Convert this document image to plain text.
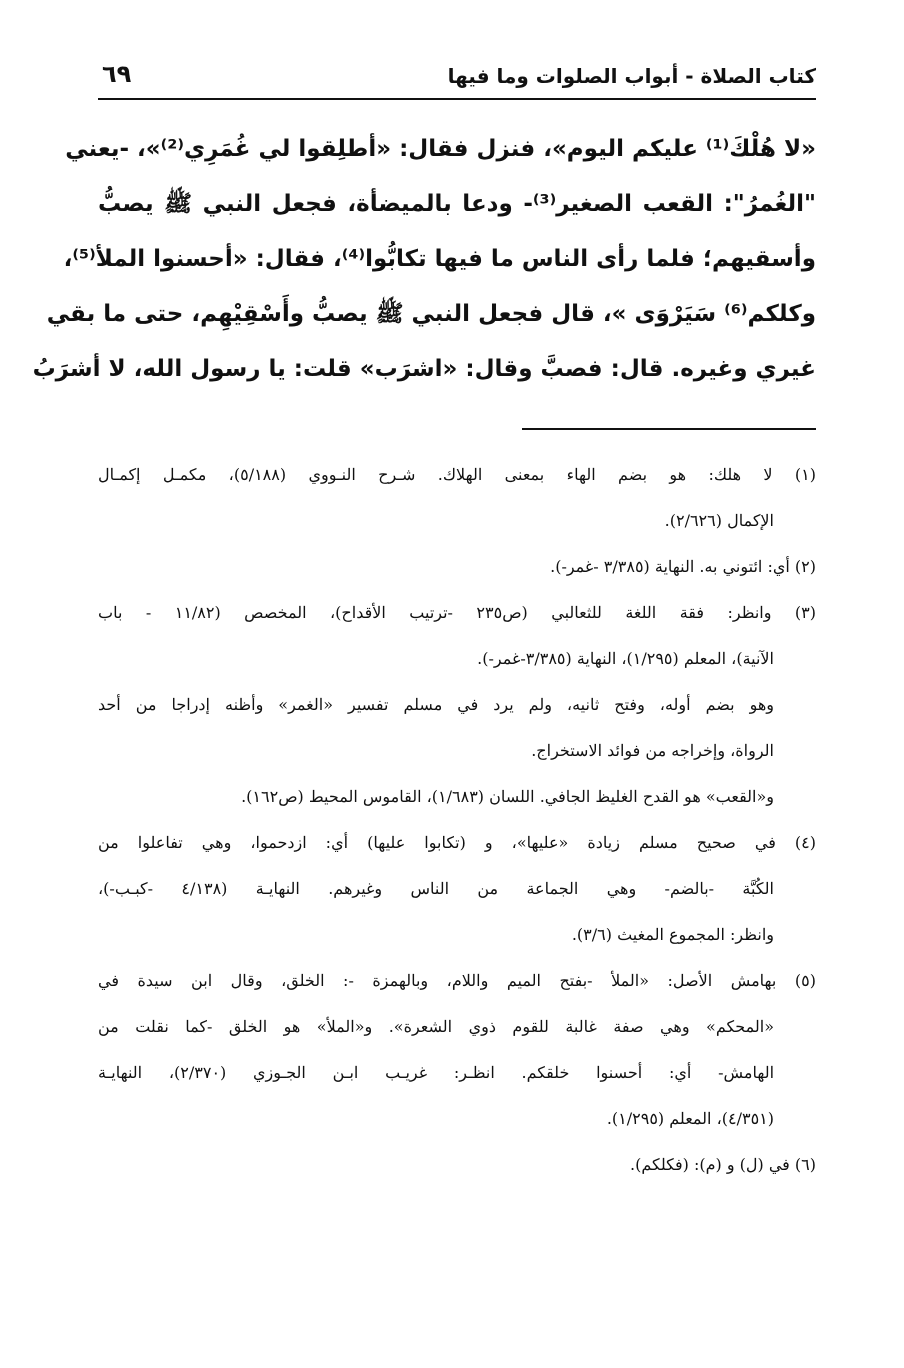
كتاب الصلاة - أبواب الصلوات وما فيها
٦٩
«لا هُلْكَ⁽¹⁾ عليكم اليوم»، فنزل فقال: «أطلِقوا لي غُمَرِي⁽²⁾»، -يعني
"الغُمرُ": القعب الصغير⁽³⁾- ودعا بالميضأة، فجعل النبي ﷺ يصبُّ
وأسقيهم؛ فلما رأى الناس ما فيها تكابُّوا⁽⁴⁾، فقال: «أحسنوا الملأ⁽⁵⁾،
وكلكم⁽⁶⁾ سَيَرْوَى »، قال فجعل النبي ﷺ يصبُّ وأَسْقِيْهِم، حتى ما بقي
غيري وغيره. قال: فصبَّ وقال: «اشرَب» قلت: يا رسول الله، لا أشرَبُ
(١) لا هلك: هو بضم الهاء بمعنى الهلاك. شـرح النـووي (٥/١٨٨)، مكمـل إكمـال
الإكمال (٢/٦٢٦).
(٢) أي: ائتوني به. النهاية (٣/٣٨٥ -غمر-).
(٣) وانظر: فقة اللغة للثعالبي (ص٢٣٥ -ترتيب الأقداح)، المخصص (١١/٨٢ - باب
الآنية)، المعلم (١/٢٩٥)، النهاية (٣/٣٨٥-غمر-).
وهو بضم أوله، وفتح ثانيه، ولم يرد في مسلم تفسير «الغمر» وأظنه إدراجا من أحد
الرواة، وإخراجه من فوائد الاستخراج.
و«القعب» هو القدح الغليظ الجافي. اللسان (١/٦٨٣)، القاموس المحيط (ص١٦٢).
(٤) في صحيح مسلم زيادة «عليها»، و (تكابوا عليها) أي: ازدحموا، وهي تفاعلوا من
الكُبَّة -بالضم- وهي الجماعة من الناس وغيرهم. النهايـة (٤/١٣٨ -كبـب-)،
وانظر: المجموع المغيث (٣/٦).
(٥) بهامش الأصل: «الملأ -بفتح الميم واللام، وبالهمزة -: الخلق، وقال ابن سيدة في
«المحكم» وهي صفة غالبة للقوم ذوي الشعرة». و«الملأ» هو الخلق -كما نقلت من
الهامش- أي: أحسنوا خلقكم. انظـر: غريـب ابـن الجـوزي (٢/٣٧٠)، النهايـة
(٤/٣٥١)، المعلم (١/٢٩٥).
(٦) في (ل) و (م): (فكلكم).
